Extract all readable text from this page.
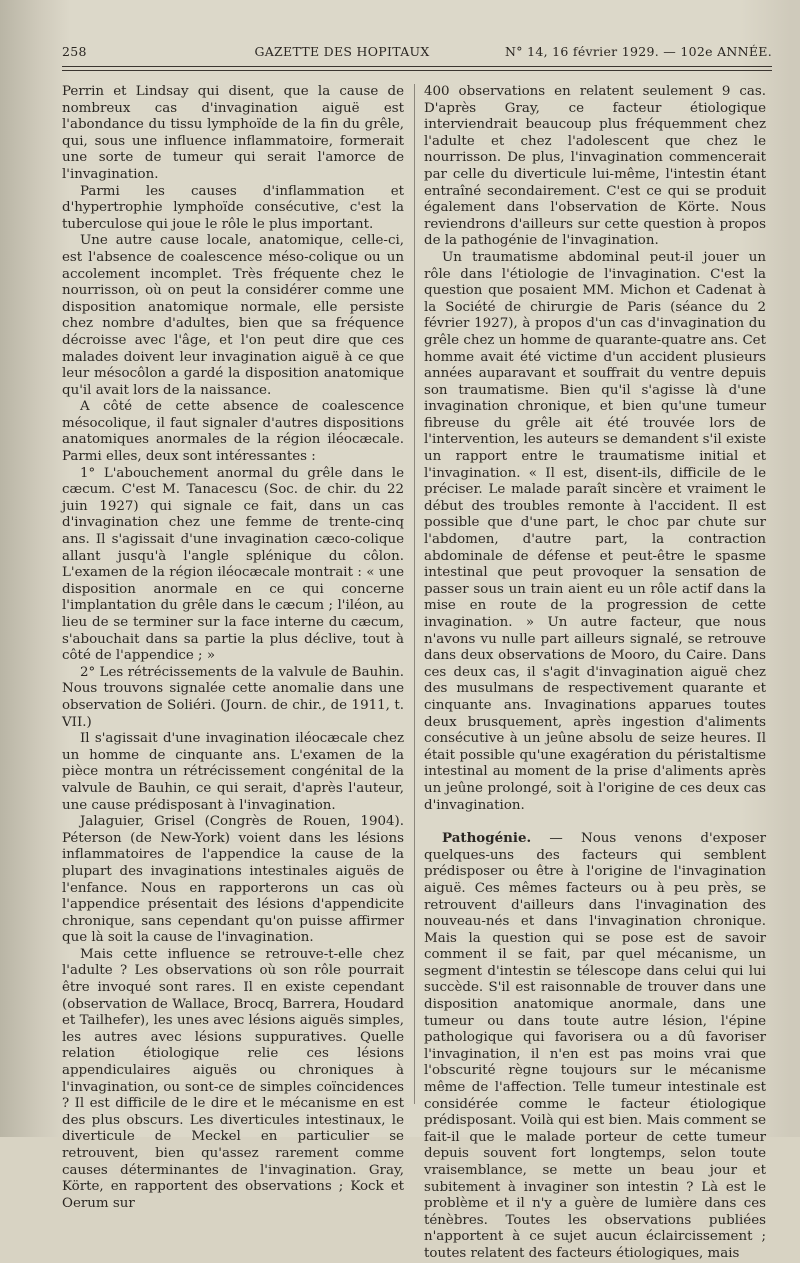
258	GAZETTE DES HOPITAUX	N° 14, 16 février 1929. — 102e ANNÉE.

Perrin et Lindsay qui disent, que la cause de nombreux cas d'invagination aiguë est l'abondance du tissu lymphoïde de la fin du grêle, qui, sous une influence inflammatoire, formerait une sorte de tumeur qui serait l'amorce de l'invagination.

Parmi les causes d'inflammation et d'hypertrophie lymphoïde consécutive, c'est la tuberculose qui joue le rôle le plus important.

Une autre cause locale, anatomique, celle-ci, est l'absence de coalescence méso-colique ou un accolement incomplet. Très fréquente chez le nourrisson, où on peut la considérer comme une disposition anatomique normale, elle persiste chez nombre d'adultes, bien que sa fréquence décroisse avec l'âge, et l'on peut dire que ces malades doivent leur invagination aiguë à ce que leur mésocôlon a gardé la disposition anatomique qu'il avait lors de la naissance.

A côté de cette absence de coalescence mésocolique, il faut signaler d'autres dispositions anatomiques anormales de la région iléocæcale. Parmi elles, deux sont intéressantes :

1° L'abouchement anormal du grêle dans le cæcum. C'est M. Tanacescu (Soc. de chir. du 22 juin 1927) qui signale ce fait, dans un cas d'invagination chez une femme de trente-cinq ans. Il s'agissait d'une invagination cæco-colique allant jusqu'à l'angle splénique du côlon. L'examen de la région iléocæcale montrait : « une disposition anormale en ce qui concerne l'implantation du grêle dans le cæcum ; l'iléon, au lieu de se terminer sur la face interne du cæcum, s'abouchait dans sa partie la plus déclive, tout à côté de l'appendice ; »

2° Les rétrécissements de la valvule de Bauhin. Nous trouvons signalée cette anomalie dans une observation de Soliéri. (Journ. de chir., de 1911, t. VII.)

Il s'agissait d'une invagination iléocæcale chez un homme de cinquante ans. L'examen de la pièce montra un rétrécissement congénital de la valvule de Bauhin, ce qui serait, d'après l'auteur, une cause prédisposant à l'invagination.

Jalaguier, Grisel (Congrès de Rouen, 1904). Péterson (de New-York) voient dans les lésions inflammatoires de l'appendice la cause de la plupart des invaginations intestinales aiguës de l'enfance. Nous en rapporterons un cas où l'appendice présentait des lésions d'appendicite chronique, sans cependant qu'on puisse affirmer que là soit la cause de l'invagination.

Mais cette influence se retrouve-t-elle chez l'adulte ? Les observations où son rôle pourrait être invoqué sont rares. Il en existe cependant (observation de Wallace, Brocq, Barrera, Houdard et Tailhefer), les unes avec lésions aiguës simples, les autres avec lésions suppuratives. Quelle relation étiologique relie ces lésions appendiculaires aiguës ou chroniques à l'invagination, ou sont-ce de simples coïncidences ? Il est difficile de le dire et le mécanisme en est des plus obscurs. Les diverticules intestinaux, le diverticule de Meckel en particulier se retrouvent, bien qu'assez rarement comme causes déterminantes de l'invagination. Gray, Körte, en rapportent des observations ; Kock et Oerum sur

400 observations en relatent seulement 9 cas. D'après Gray, ce facteur étiologique interviendrait beaucoup plus fréquemment chez l'adulte et chez l'adolescent que chez le nourrisson. De plus, l'invagination commencerait par celle du diverticule lui-même, l'intestin étant entraîné secondairement. C'est ce qui se produit également dans l'observation de Körte. Nous reviendrons d'ailleurs sur cette question à propos de la pathogénie de l'invagination.

Un traumatisme abdominal peut-il jouer un rôle dans l'étiologie de l'invagination. C'est la question que posaient MM. Michon et Cadenat à la Société de chirurgie de Paris (séance du 2 février 1927), à propos d'un cas d'invagination du grêle chez un homme de quarante-quatre ans. Cet homme avait été victime d'un accident plusieurs années auparavant et souffrait du ventre depuis son traumatisme. Bien qu'il s'agisse là d'une invagination chronique, et bien qu'une tumeur fibreuse du grêle ait été trouvée lors de l'intervention, les auteurs se demandent s'il existe un rapport entre le traumatisme initial et l'invagination. « Il est, disent-ils, difficile de le préciser. Le malade paraît sincère et vraiment le début des troubles remonte à l'accident. Il est possible que d'une part, le choc par chute sur l'abdomen, d'autre part, la contraction abdominale de défense et peut-être le spasme intestinal que peut provoquer la sensation de passer sous un train aient eu un rôle actif dans la mise en route de la progression de cette invagination. » Un autre facteur, que nous n'avons vu nulle part ailleurs signalé, se retrouve dans deux observations de Mooro, du Caire. Dans ces deux cas, il s'agit d'invagination aiguë chez des musulmans de respectivement quarante et cinquante ans. Invaginations apparues toutes deux brusquement, après ingestion d'aliments consécutive à un jeûne absolu de seize heures. Il était possible qu'une exagération du péristaltisme intestinal au moment de la prise d'aliments après un jeûne prolongé, soit à l'origine de ces deux cas d'invagination.

Pathogénie. — Nous venons d'exposer quelques-uns des facteurs qui semblent prédisposer ou être à l'origine de l'invagination aiguë. Ces mêmes facteurs ou à peu près, se retrouvent d'ailleurs dans l'invagination des nouveau-nés et dans l'invagination chronique. Mais la question qui se pose est de savoir comment il se fait, par quel mécanisme, un segment d'intestin se télescope dans celui qui lui succède. S'il est raisonnable de trouver dans une disposition anatomique anormale, dans une tumeur ou dans toute autre lésion, l'épine pathologique qui favorisera ou a dû favoriser l'invagination, il n'en est pas moins vrai que l'obscurité règne toujours sur le mécanisme même de l'affection. Telle tumeur intestinale est considérée comme le facteur étiologique prédisposant. Voilà qui est bien. Mais comment se fait-il que le malade porteur de cette tumeur depuis souvent fort longtemps, selon toute vraisemblance, se mette un beau jour et subitement à invaginer son intestin ? Là est le problème et il n'y a guère de lumière dans ces ténèbres. Toutes les observations publiées n'apportent à ce sujet aucun éclaircissement ; toutes relatent des facteurs étiologiques, mais
